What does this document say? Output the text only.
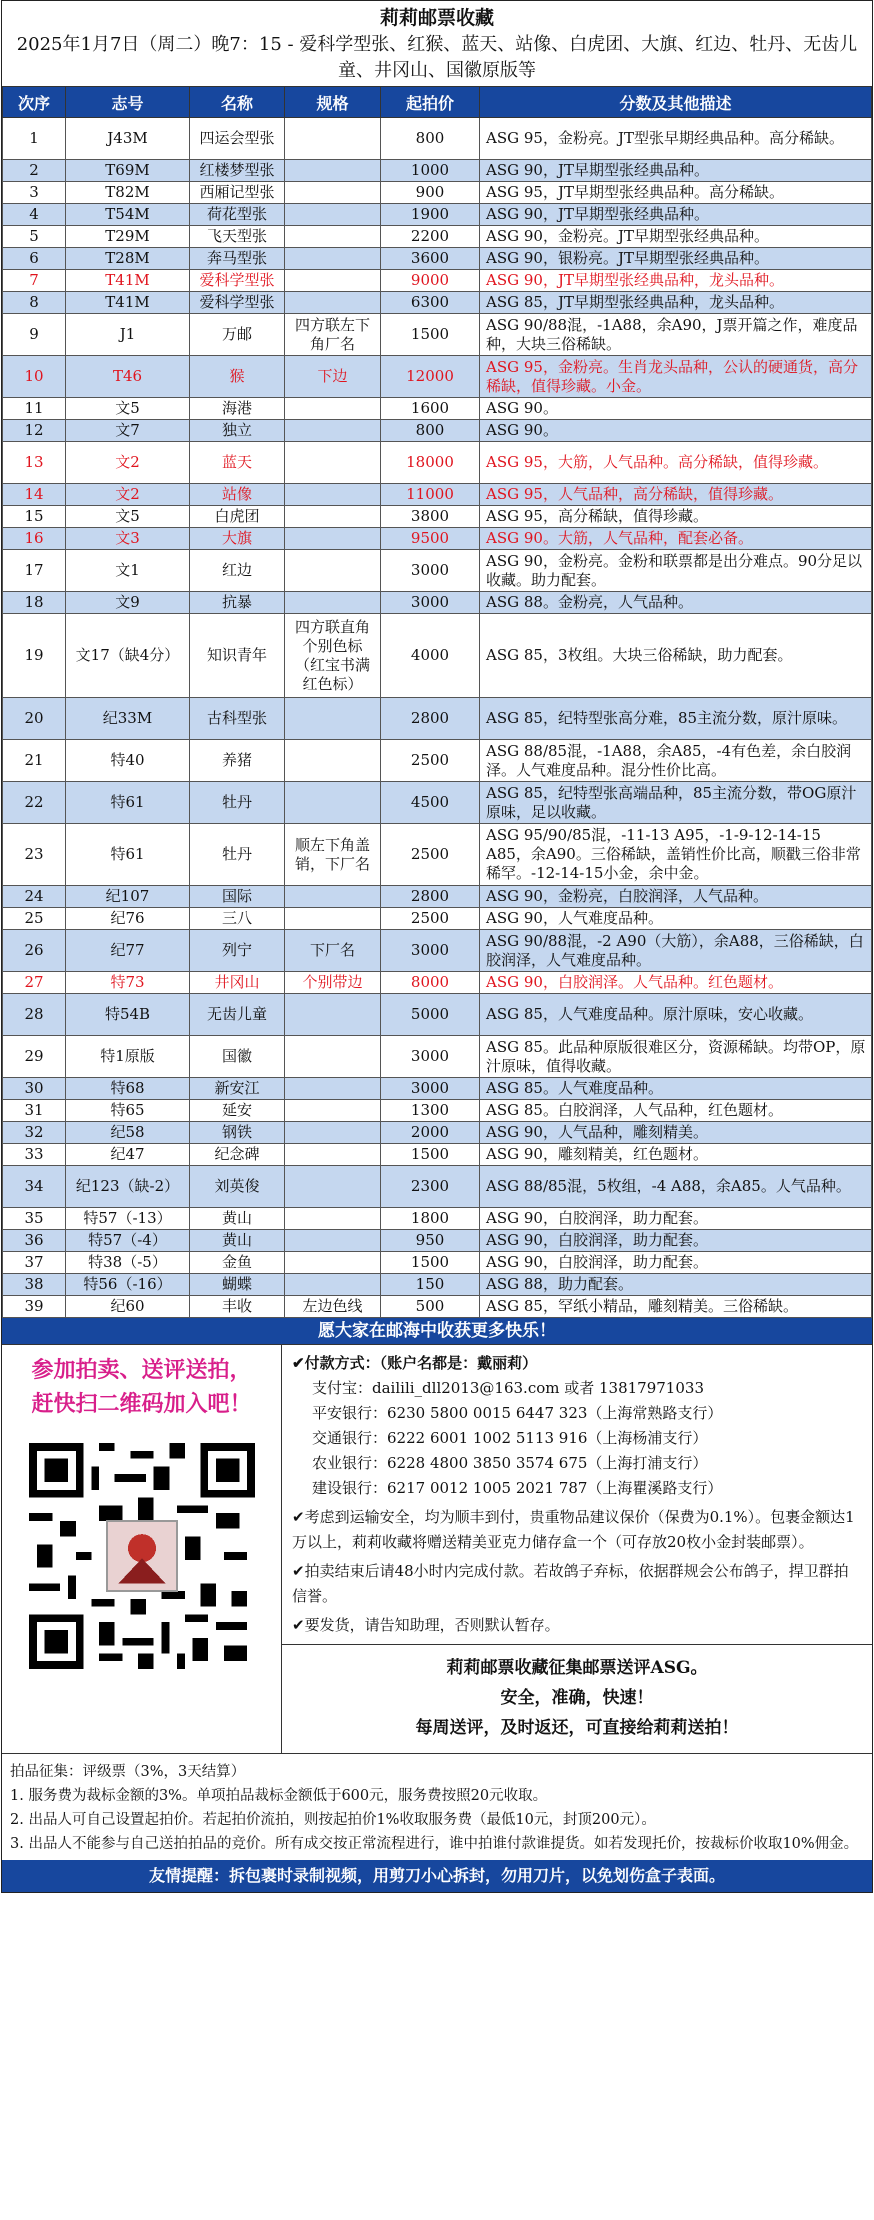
莉莉邮票收藏
2025年1月7日（周二）晚7：15 - 爱科学型张、红猴、蓝天、站像、白虎团、大旗、红边、牡丹、无齿儿童、井冈山、国徽原版等
次序	志号	名称	规格	起拍价	分数及其他描述
1	J43M	四运会型张		800	ASG 95，金粉亮。JT型张早期经典品种。高分稀缺。
2	T69M	红楼梦型张		1000	ASG 90，JT早期型张经典品种。
3	T82M	西厢记型张		900	ASG 95，JT早期型张经典品种。高分稀缺。
4	T54M	荷花型张		1900	ASG 90，JT早期型张经典品种。
5	T29M	飞天型张		2200	ASG 90，金粉亮。JT早期型张经典品种。
6	T28M	奔马型张		3600	ASG 90，银粉亮。JT早期型张经典品种。
7	T41M	爱科学型张		9000	ASG 90，JT早期型张经典品种，龙头品种。
8	T41M	爱科学型张		6300	ASG 85，JT早期型张经典品种，龙头品种。
9	J1	万邮	四方联左下角厂名	1500	ASG 90/88混，-1A88，余A90，J票开篇之作，难度品种，大块三俗稀缺。
10	T46	猴	下边	12000	ASG 95，金粉亮。生肖龙头品种，公认的硬通货，高分稀缺，值得珍藏。小金。
11	文5	海港		1600	ASG 90。
12	文7	独立		800	ASG 90。
13	文2	蓝天		18000	ASG 95，大筋，人气品种。高分稀缺，值得珍藏。
14	文2	站像		11000	ASG 95，人气品种，高分稀缺，值得珍藏。
15	文5	白虎团		3800	ASG 95，高分稀缺，值得珍藏。
16	文3	大旗		9500	ASG 90。大筋，人气品种，配套必备。
17	文1	红边		3000	ASG 90，金粉亮。金粉和联票都是出分难点。90分足以收藏。助力配套。
18	文9	抗暴		3000	ASG 88。金粉亮，人气品种。
19	文17（缺4分）	知识青年	四方联直角个别色标（红宝书满红色标）	4000	ASG 85，3枚组。大块三俗稀缺，助力配套。
20	纪33M	古科型张		2800	ASG 85，纪特型张高分难，85主流分数，原汁原味。
21	特40	养猪		2500	ASG 88/85混，-1A88，余A85，-4有色差，余白胶润泽。人气难度品种。混分性价比高。
22	特61	牡丹		4500	ASG 85，纪特型张高端品种，85主流分数，带OG原汁原味，足以收藏。
23	特61	牡丹	顺左下角盖销，下厂名	2500	ASG 95/90/85混，-11-13 A95，-1-9-12-14-15 A85，余A90。三俗稀缺，盖销性价比高，顺戳三俗非常稀罕。-12-14-15小金，余中金。
24	纪107	国际		2800	ASG 90，金粉亮，白胶润泽，人气品种。
25	纪76	三八		2500	ASG 90，人气难度品种。
26	纪77	列宁	下厂名	3000	ASG 90/88混，-2 A90（大筋），余A88，三俗稀缺，白胶润泽，人气难度品种。
27	特73	井冈山	个别带边	8000	ASG 90，白胶润泽。人气品种。红色题材。
28	特54B	无齿儿童		5000	ASG 85，人气难度品种。原汁原味，安心收藏。
29	特1原版	国徽		3000	ASG 85。此品种原版很难区分，资源稀缺。均带OP，原汁原味，值得收藏。
30	特68	新安江		3000	ASG 85。人气难度品种。
31	特65	延安		1300	ASG 85。白胶润泽，人气品种，红色题材。
32	纪58	钢铁		2000	ASG 90，人气品种，雕刻精美。
33	纪47	纪念碑		1500	ASG 90，雕刻精美，红色题材。
34	纪123（缺-2）	刘英俊		2300	ASG 88/85混，5枚组，-4 A88，余A85。人气品种。
35	特57（-13）	黄山		1800	ASG 90，白胶润泽，助力配套。
36	特57（-4）	黄山		950	ASG 90，白胶润泽，助力配套。
37	特38（-5）	金鱼		1500	ASG 90，白胶润泽，助力配套。
38	特56（-16）	蝴蝶		150	ASG 88，助力配套。
39	纪60	丰收	左边色线	500	ASG 85，罕纸小精品，雕刻精美。三俗稀缺。
愿大家在邮海中收获更多快乐！
参加拍卖、送评送拍，
赶快扫二维码加入吧！
✔付款方式：（账户名都是：戴丽莉）
支付宝：dailili_dll2013@163.com 或者 13817971033
平安银行：6230 5800 0015 6447 323（上海常熟路支行）
交通银行：6222 6001 1002 5113 916（上海杨浦支行）
农业银行：6228 4800 3850 3574 675（上海打浦支行）
建设银行：6217 0012 1005 2021 787（上海瞿溪路支行）
✔考虑到运输安全，均为顺丰到付，贵重物品建议保价（保费为0.1%）。包裹金额达1万以上，莉莉收藏将赠送精美亚克力储存盒一个（可存放20枚小金封装邮票）。
✔拍卖结束后请48小时内完成付款。若故鸽子弃标，依据群规会公布鸽子，捍卫群拍信誉。
✔要发货，请告知助理，否则默认暂存。
莉莉邮票收藏征集邮票送评ASG。
安全，准确，快速！
每周送评，及时返还，可直接给莉莉送拍！
拍品征集：评级票（3%，3天结算）
1. 服务费为裁标金额的3%。单项拍品裁标金额低于600元，服务费按照20元收取。
2. 出品人可自己设置起拍价。若起拍价流拍，则按起拍价1%收取服务费（最低10元，封顶200元）。
3. 出品人不能参与自己送拍拍品的竞价。所有成交按正常流程进行，谁中拍谁付款谁提货。如若发现托价，按裁标价收取10%佣金。
友情提醒：拆包裹时录制视频，用剪刀小心拆封，勿用刀片，以免划伤盒子表面。
